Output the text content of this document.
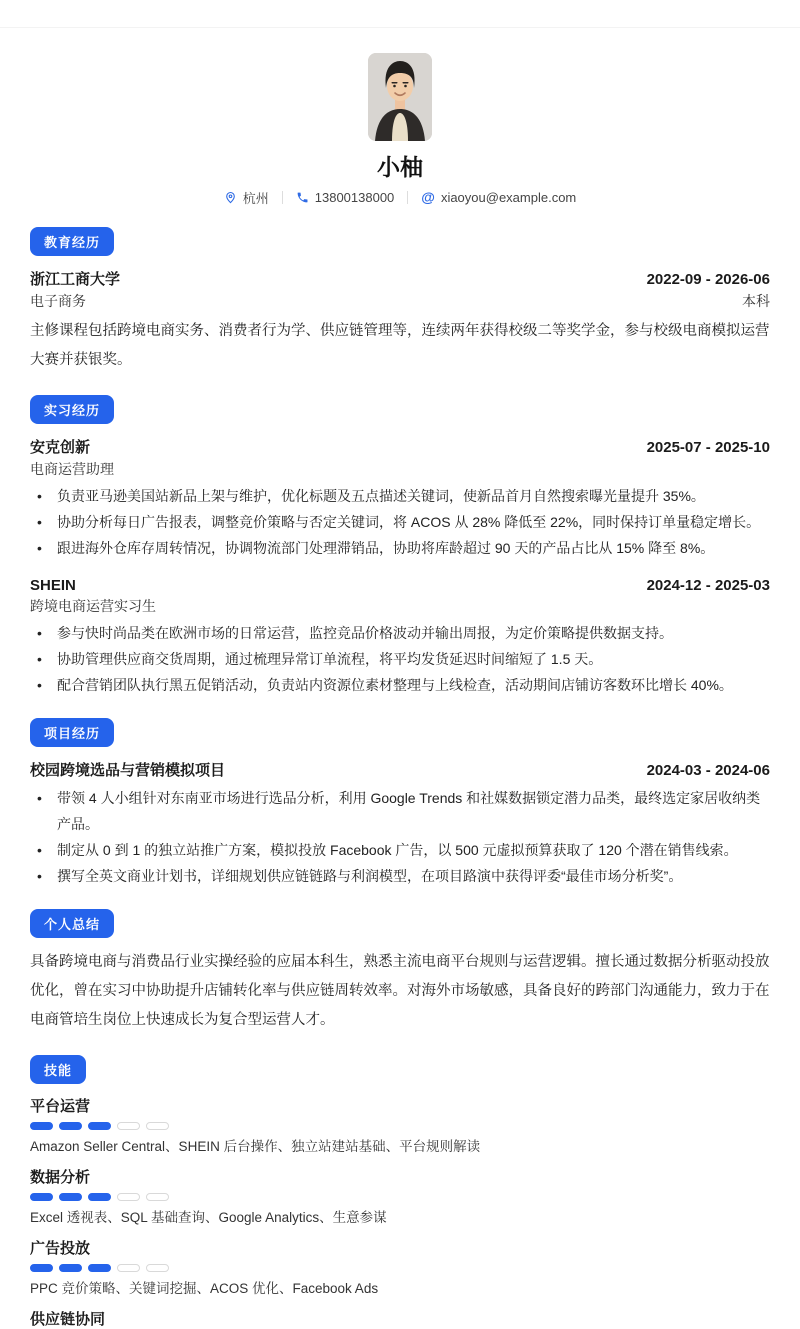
小柚
杭州	13800138000 @ xiaoyou@example.com
教育经历
浙江工商大学	2022-09 - 2026-06
电子商务	本科

主修课程包括跨境电商实务、消费者行为学、供应链管理等，连续两年获得校级二等奖学金，参与校级电商模拟运营大赛并获银奖。

实习经历
安克创新	2025-07 - 2025-10
电商运营助理
• 负责亚马逊美国站新品上架与维护，优化标题及五点描述关键词，使新品首月自然搜索曝光量提升 35%。
• 协助分析每日广告报表，调整竞价策略与否定关键词，将 ACOS 从 28% 降低至 22%，同时保持订单量稳定增长。
• 跟进海外仓库存周转情况，协调物流部门处理滞销品，协助将库龄超过 90 天的产品占比从 15% 降至 8%。
SHEIN	2024-12 - 2025-03
跨境电商运营实习生
• 参与快时尚品类在欧洲市场的日常运营，监控竞品价格波动并输出周报，为定价策略提供数据支持。
• 协助管理供应商交货周期，通过梳理异常订单流程，将平均发货延迟时间缩短了 1.5 天。
• 配合营销团队执行黑五促销活动，负责站内资源位素材整理与上线检查，活动期间店铺访客数环比增长 40%。
项目经历
校园跨境选品与营销模拟项目	2024-03 - 2024-06
• 带领 4 人小组针对东南亚市场进行选品分析，利用 Google Trends 和社媒数据锁定潜力品类，最终选定家居收纳类产品。
• 制定从 0 到 1 的独立站推广方案，模拟投放 Facebook 广告，以 500 元虚拟预算获取了 120 个潜在销售线索。
• 撰写全英文商业计划书，详细规划供应链链路与利润模型，在项目路演中获得评委“最佳市场分析奖”。
个人总结

具备跨境电商与消费品行业实操经验的应届本科生，熟悉主流电商平台规则与运营逻辑。擅长通过数据分析驱动投放优化，曾在实习中协助提升店铺转化率与供应链周转效率。对海外市场敏感，具备良好的跨部门沟通能力，致力于在电商管培生岗位上快速成长为复合型运营人才。

技能
平台运营
Amazon Seller Central、SHEIN 后台操作、独立站建站基础、平台规则解读
数据分析
Excel 透视表、SQL 基础查询、Google Analytics、生意参谋
广告投放
PPC 竞价策略、关键词挖掘、ACOS 优化、Facebook Ads
供应链协同
